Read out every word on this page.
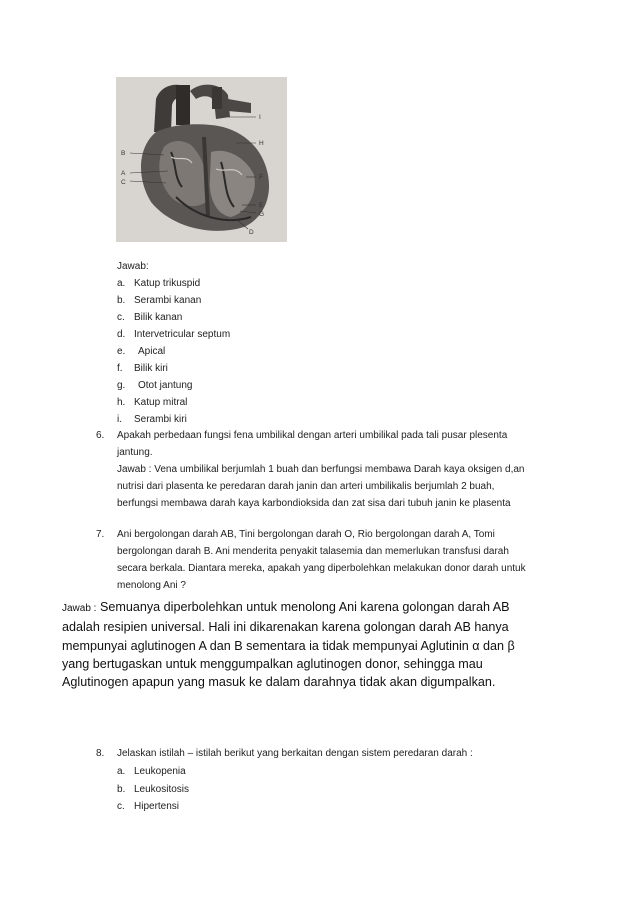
I
H
B
A
C
F
E
G
D
Jawab:
a. Katup trikuspid
b. Serambi kanan
c. Bilik kanan
d. Intervetricular septum
e. Apical
f. Bilik kiri
g. Otot jantung
h. Katup mitral
i. Serambi kiri
6. Apakah perbedaan fungsi fena umbilikal dengan arteri umbilikal pada tali pusar plesenta
jantung.
Jawab : Vena umbilikal berjumlah 1 buah dan berfungsi membawa Darah kaya oksigen d,an
nutrisi dari plasenta ke peredaran darah janin dan arteri umbilikalis berjumlah 2 buah,
berfungsi membawa darah kaya karbondioksida dan zat sisa dari tubuh janin ke plasenta
7. Ani bergolongan darah AB, Tini bergolongan darah O, Rio bergolongan darah A, Tomi
bergolongan darah B. Ani menderita penyakit talasemia dan memerlukan transfusi darah
secara berkala. Diantara mereka, apakah yang diperbolehkan melakukan donor darah untuk
menolong Ani ?
Jawab : Semuanya diperbolehkan untuk menolong Ani karena golongan darah AB
adalah resipien universal. Hali ini dikarenakan karena golongan darah AB hanya
mempunyai aglutinogen A dan B sementara ia tidak mempunyai Aglutinin α dan β
yang bertugaskan untuk menggumpalkan aglutinogen donor, sehingga mau
Aglutinogen apapun yang masuk ke dalam darahnya tidak akan digumpalkan.
8. Jelaskan istilah – istilah berikut yang berkaitan dengan sistem peredaran darah :
a. Leukopenia
b. Leukositosis
c. Hipertensi
